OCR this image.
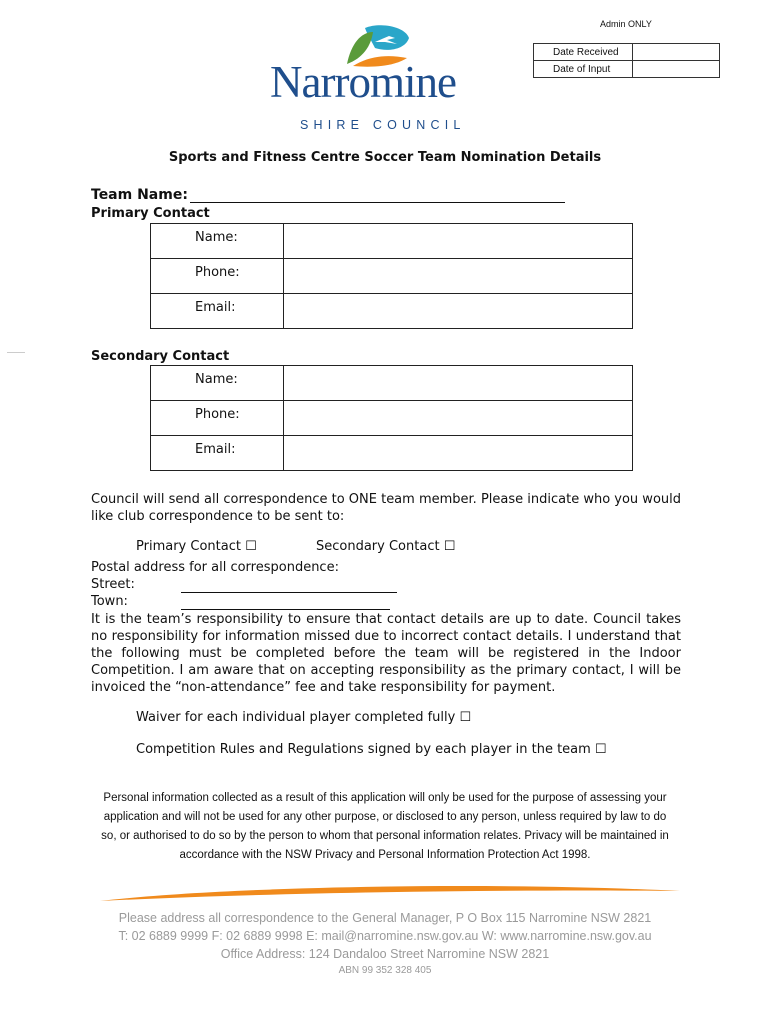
Admin ONLY
Date Received	
Date of Input	
Narromine
SHIRE COUNCIL
Sports and Fitness Centre Soccer Team Nomination Details
Team Name:
Primary Contact
Name:	
Phone:	
Email:	
Secondary Contact
Name:	
Phone:	
Email:	
Council will send all correspondence to ONE team member. Please indicate who you would like club correspondence to be sent to:
Primary Contact ☐	Secondary Contact ☐
Postal address for all correspondence:
Street:
Town:
It is the team’s responsibility to ensure that contact details are up to date. Council takes no responsibility for information missed due to incorrect contact details. I understand that the following must be completed before the team will be registered in the Indoor Competition. I am aware that on accepting responsibility as the primary contact, I will be invoiced the “non-attendance” fee and take responsibility for payment.
Waiver for each individual player completed fully ☐
Competition Rules and Regulations signed by each player in the team ☐
Personal information collected as a result of this application will only be used for the purpose of assessing your application and will not be used for any other purpose, or disclosed to any person, unless required by law to do so, or authorised to do so by the person to whom that personal information relates. Privacy will be maintained in accordance with the NSW Privacy and Personal Information Protection Act 1998.
Please address all correspondence to the General Manager, P O Box 115 Narromine NSW 2821
T: 02 6889 9999 F: 02 6889 9998 E: mail@narromine.nsw.gov.au W: www.narromine.nsw.gov.au
Office Address: 124 Dandaloo Street Narromine NSW 2821
ABN 99 352 328 405
